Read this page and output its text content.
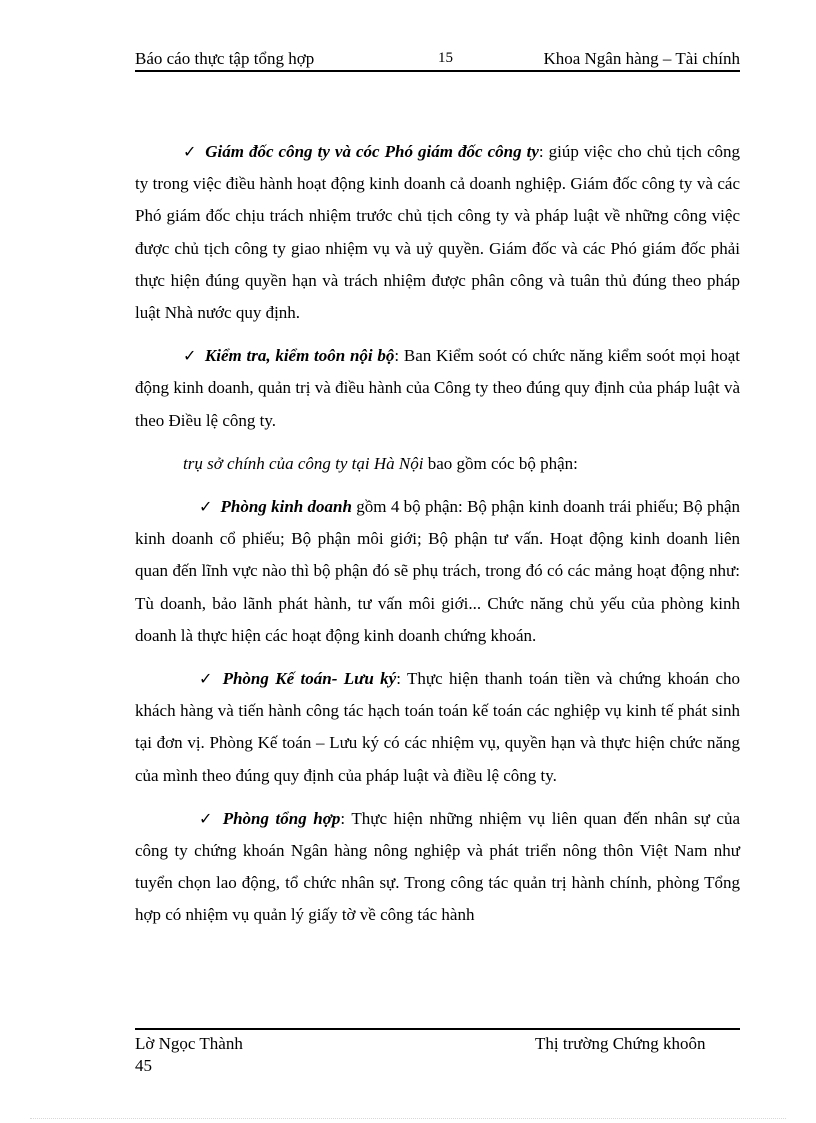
Báo cáo thực tập tổng hợp	15	Khoa Ngân hàng – Tài chính

✓ Giám đốc công ty và cóc Phó giám đốc công ty: giúp việc cho chủ tịch công ty trong việc điều hành hoạt động kinh doanh cả doanh nghiệp. Giám đốc công ty và các Phó giám đốc chịu trách nhiệm trước chủ tịch công ty và pháp luật về những công việc được chủ tịch công ty giao nhiệm vụ và uỷ quyền. Giám đốc và các Phó giám đốc phải thực hiện đúng quyền hạn và trách nhiệm được phân công và tuân thủ đúng theo pháp luật Nhà nước quy định.

✓ Kiểm tra, kiểm toôn nội bộ: Ban Kiểm soót có chức năng kiểm soót mọi hoạt động kinh doanh, quản trị và điều hành của Công ty theo đúng quy định của pháp luật và theo Điều lệ công ty.

trụ sở chính của công ty tại Hà Nội bao gồm cóc bộ phận:

✓ Phòng kinh doanh gồm 4 bộ phận: Bộ phận kinh doanh trái phiếu; Bộ phận kinh doanh cổ phiếu; Bộ phận môi giới; Bộ phận tư vấn. Hoạt động kinh doanh liên quan đến lĩnh vực nào thì bộ phận đó sẽ phụ trách, trong đó có các mảng hoạt động như: Tù doanh, bảo lãnh phát hành, tư vấn môi giới... Chức năng chủ yếu của phòng kinh doanh là thực hiện các hoạt động kinh doanh chứng khoán.

✓ Phòng Kế toán- Lưu ký: Thực hiện thanh toán tiền và chứng khoán cho khách hàng và tiến hành công tác hạch toán toán kế toán các nghiệp vụ kinh tế phát sinh tại đơn vị. Phòng Kế toán – Lưu ký có các nhiệm vụ, quyền hạn và thực hiện chức năng của mình theo đúng quy định của pháp luật và điều lệ công ty.

✓ Phòng tổng hợp: Thực hiện những nhiệm vụ liên quan đến nhân sự của công ty chứng khoán Ngân hàng nông nghiệp và phát triển nông thôn Việt Nam như tuyển chọn lao động, tổ chức nhân sự. Trong công tác quản trị hành chính, phòng Tổng hợp có nhiệm vụ quản lý giấy tờ về công tác hành

Lờ Ngọc Thành
45
Thị trường Chứng khoôn
